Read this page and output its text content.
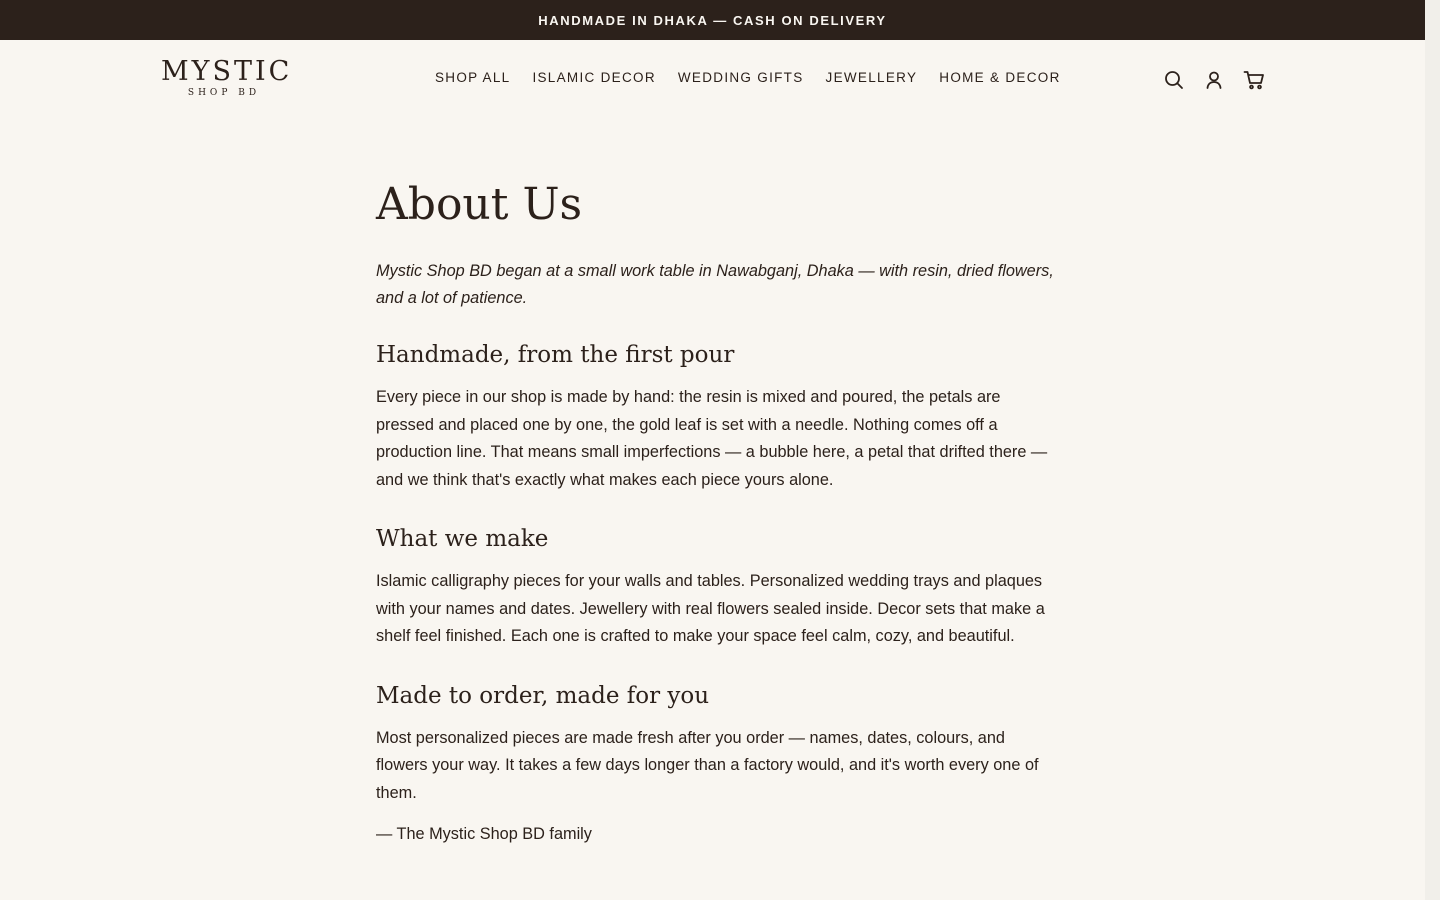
HANDMADE IN DHAKA — CASH ON DELIVERY
MYSTIC
SHOP BD
SHOP ALL ISLAMIC DECOR WEDDING GIFTS JEWELLERY HOME & DECOR
About Us

Mystic Shop BD began at a small work table in Nawabganj, Dhaka — with resin, dried flowers, and a lot of patience.

Handmade, from the first pour

Every piece in our shop is made by hand: the resin is mixed and poured, the petals are pressed and placed one by one, the gold leaf is set with a needle. Nothing comes off a production line. That means small imperfections — a bubble here, a petal that drifted there — and we think that's exactly what makes each piece yours alone.

What we make

Islamic calligraphy pieces for your walls and tables. Personalized wedding trays and plaques with your names and dates. Jewellery with real flowers sealed inside. Decor sets that make a shelf feel finished. Each one is crafted to make your space feel calm, cozy, and beautiful.

Made to order, made for you

Most personalized pieces are made fresh after you order — names, dates, colours, and flowers your way. It takes a few days longer than a factory would, and it's worth every one of them.

— The Mystic Shop BD family
